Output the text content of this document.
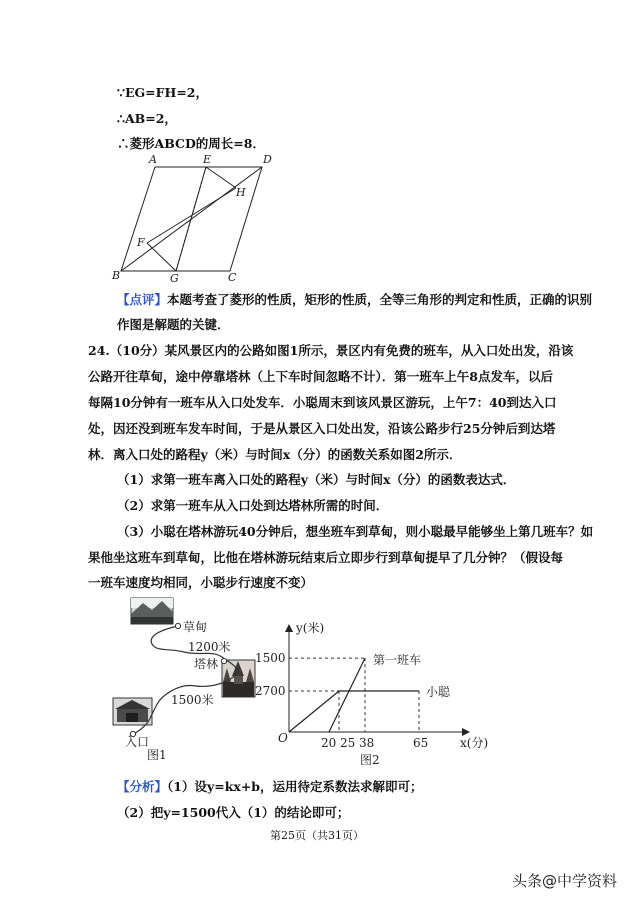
∵EG=FH=2，
∴AB=2，
∴菱形ABCD的周长=8．
A	E	D
H
F
B	G	C
【点评】本题考查了菱形的性质，矩形的性质，全等三角形的判定和性质，正确的识别
作图是解题的关键．
24.（10分）某风景区内的公路如图1所示，景区内有免费的班车，从入口处出发，沿该
公路开往草甸，途中停靠塔林（上下车时间忽略不计）．第一班车上午8点发车，以后
每隔10分钟有一班车从入口处发车．小聪周末到该风景区游玩，上午7：40到达入口
处，因还没到班车发车时间，于是从景区入口处出发，沿该公路步行25分钟后到达塔
林．离入口处的路程y（米）与时间x（分）的函数关系如图2所示．
（1）求第一班车离入口处的路程y（米）与时间x（分）的函数表达式．
（2）求第一班车从入口处到达塔林所需的时间．
（3）小聪在塔林游玩40分钟后，想坐班车到草甸，则小聪最早能够坐上第几班车？如
果他坐这班车到草甸，比他在塔林游玩结束后立即步行到草甸提早了几分钟？（假设每
一班车速度均相同，小聪步行速度不变）
草甸
1200米
塔林
1500米
入口
图1
y(米)
x(分)
O
图2
2700
1500
20 25 38	65
第一班车
小聪
【分析】（1）设y=kx+b，运用待定系数法求解即可；
（2）把y=1500代入（1）的结论即可；
第25页（共31页）
头条@中学资料
